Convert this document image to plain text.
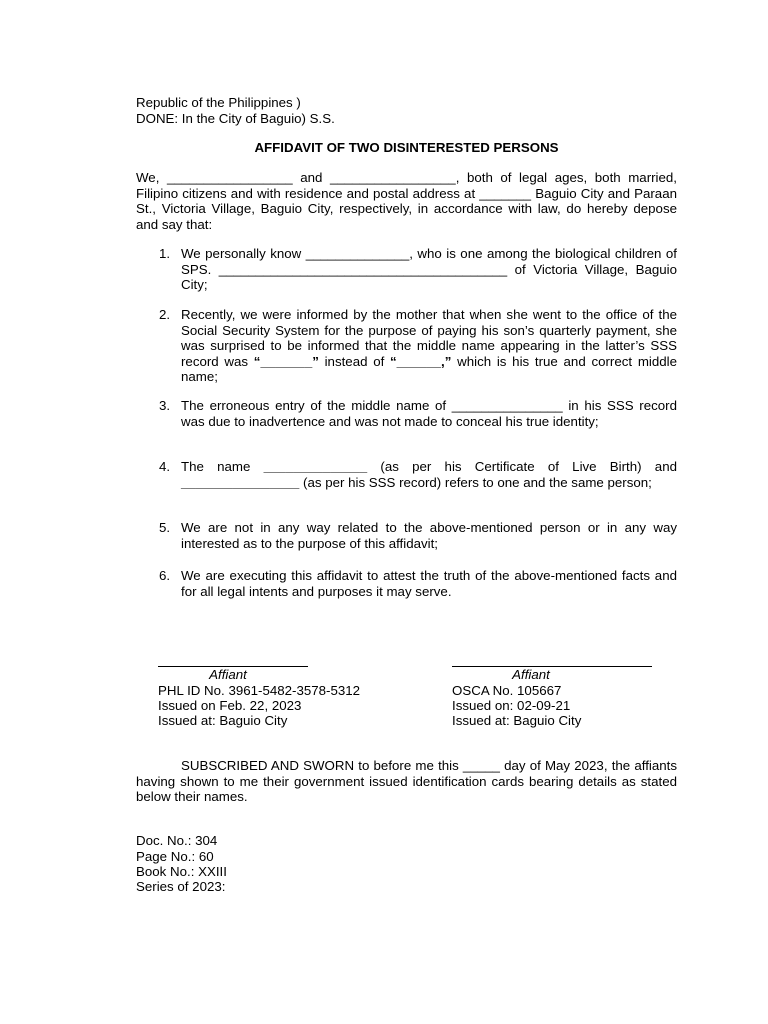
Republic of the Philippines )
DONE: In the City of Baguio) S.S.
AFFIDAVIT OF TWO DISINTERESTED PERSONS
We, _________________ and _________________, both of legal ages, both married, Filipino citizens and with residence and postal address at _______ Baguio City and Paraan St., Victoria Village, Baguio City, respectively, in accordance with law, do hereby depose and say that:
1. We personally know ______________, who is one among the biological children of SPS. _______________________________________ of Victoria Village, Baguio City;
2. Recently, we were informed by the mother that when she went to the office of the Social Security System for the purpose of paying his son’s quarterly payment, she was surprised to be informed that the middle name appearing in the latter’s SSS record was “_______” instead of “______,” which is his true and correct middle name;
3. The erroneous entry of the middle name of _______________ in his SSS record was due to inadvertence and was not made to conceal his true identity;
4. The name ______________ (as per his Certificate of Live Birth) and ________________ (as per his SSS record) refers to one and the same person;
5. We are not in any way related to the above-mentioned person or in any way interested as to the purpose of this affidavit;
6. We are executing this affidavit to attest the truth of the above-mentioned facts and for all legal intents and purposes it may serve.
Affiant
PHL ID No. 3961-5482-3578-5312
Issued on Feb. 22, 2023
Issued at: Baguio City
Affiant
OSCA No. 105667
Issued on: 02-09-21
Issued at: Baguio City
SUBSCRIBED AND SWORN to before me this _____ day of May 2023, the affiants having shown to me their government issued identification cards bearing details as stated below their names.
Doc. No.: 304
Page No.: 60
Book No.: XXIII
Series of 2023:
